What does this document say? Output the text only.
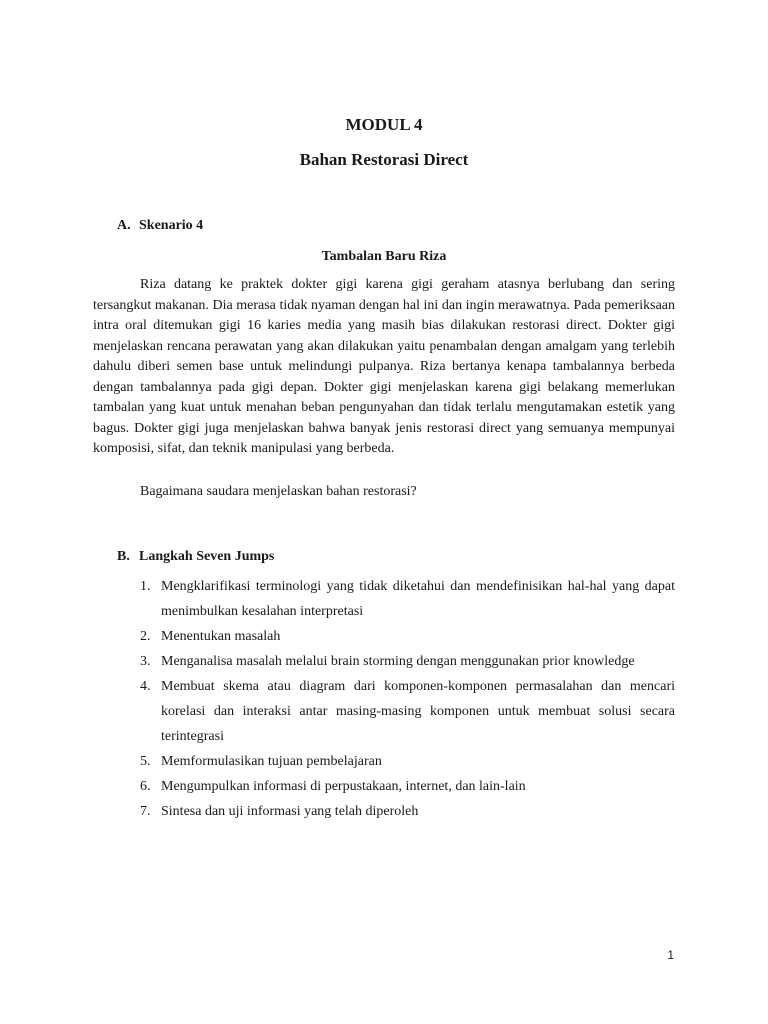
MODUL 4
Bahan Restorasi Direct
A. Skenario 4
Tambalan Baru Riza

Riza datang ke praktek dokter gigi karena gigi geraham atasnya berlubang dan sering tersangkut makanan. Dia merasa tidak nyaman dengan hal ini dan ingin merawatnya. Pada pemeriksaan intra oral ditemukan gigi 16 karies media yang masih bias dilakukan restorasi direct. Dokter gigi menjelaskan rencana perawatan yang akan dilakukan yaitu penambalan dengan amalgam yang terlebih dahulu diberi semen base untuk melindungi pulpanya. Riza bertanya kenapa tambalannya berbeda dengan tambalannya pada gigi depan. Dokter gigi menjelaskan karena gigi belakang memerlukan tambalan yang kuat untuk menahan beban pengunyahan dan tidak terlalu mengutamakan estetik yang bagus. Dokter gigi juga menjelaskan bahwa banyak jenis restorasi direct yang semuanya mempunyai komposisi, sifat, dan teknik manipulasi yang berbeda.

Bagaimana saudara menjelaskan bahan restorasi?
B. Langkah Seven Jumps
1. Mengklarifikasi terminologi yang tidak diketahui dan mendefinisikan hal-hal yang dapat menimbulkan kesalahan interpretasi
2. Menentukan masalah
3. Menganalisa masalah melalui brain storming dengan menggunakan prior knowledge
4. Membuat skema atau diagram dari komponen-komponen permasalahan dan mencari korelasi dan interaksi antar masing-masing komponen untuk membuat solusi secara terintegrasi
5. Memformulasikan tujuan pembelajaran
6. Mengumpulkan informasi di perpustakaan, internet, dan lain-lain
7. Sintesa dan uji informasi yang telah diperoleh
1
